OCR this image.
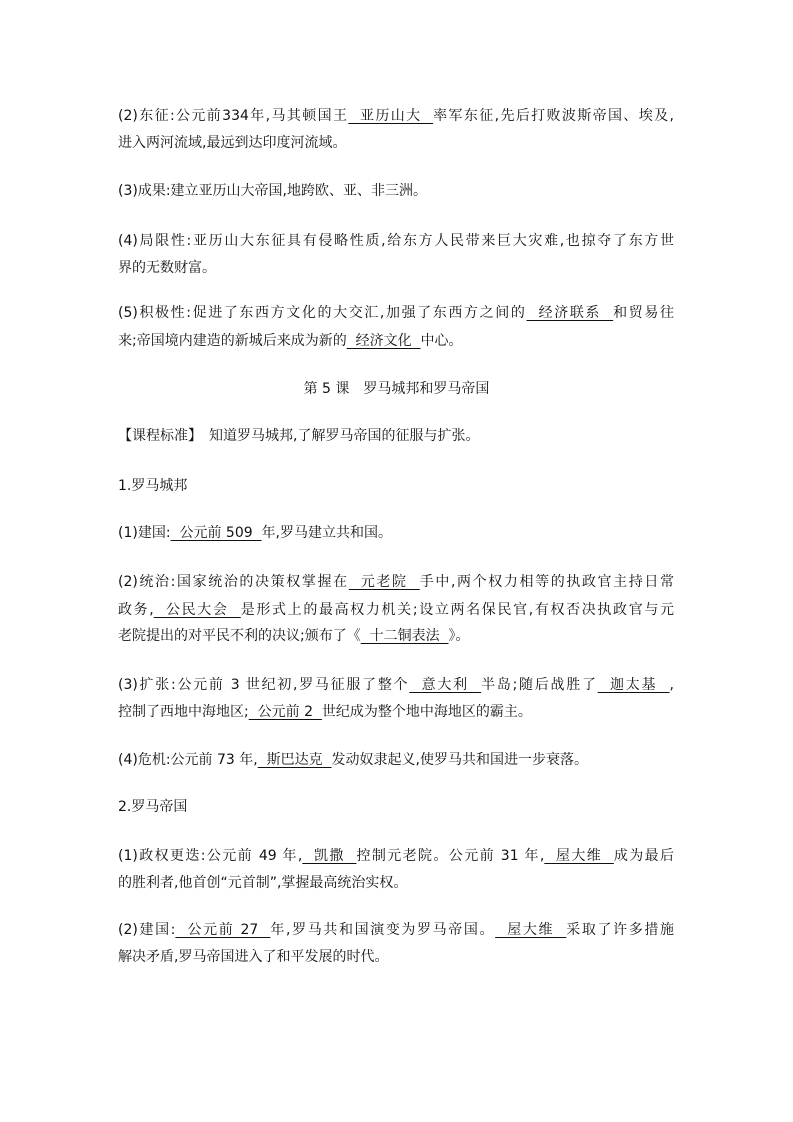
(2)东征:公元前334年,马其顿国王  亚历山大  率军东征,先后打败波斯帝国、埃及,
进入两河流域,最远到达印度河流域。
(3)成果:建立亚历山大帝国,地跨欧、亚、非三洲。
(4)局限性:亚历山大东征具有侵略性质,给东方人民带来巨大灾难,也掠夺了东方世
界的无数财富。
(5)积极性:促进了东西方文化的大交汇,加强了东西方之间的  经济联系  和贸易往
来;帝国境内建造的新城后来成为新的  经济文化  中心。
第 5 课　罗马城邦和罗马帝国
【课程标准】　知道罗马城邦,了解罗马帝国的征服与扩张。
1.罗马城邦
(1)建国:  公元前 509  年,罗马建立共和国。
(2)统治:国家统治的决策权掌握在  元老院  手中,两个权力相等的执政官主持日常
政务,  公民大会  是形式上的最高权力机关;设立两名保民官,有权否决执政官与元
老院提出的对平民不利的决议;颁布了《  十二铜表法  》。
(3)扩张:公元前 3 世纪初,罗马征服了整个  意大利  半岛;随后战胜了  迦太基  ,
控制了西地中海地区;  公元前 2  世纪成为整个地中海地区的霸主。
(4)危机:公元前 73 年,  斯巴达克  发动奴隶起义,使罗马共和国进一步衰落。
2.罗马帝国
(1)政权更迭:公元前 49 年,  凯撒  控制元老院。公元前 31 年,  屋大维  成为最后
的胜利者,他首创“元首制”,掌握最高统治实权。
(2)建国:  公元前 27  年,罗马共和国演变为罗马帝国。  屋大维  采取了许多措施
解决矛盾,罗马帝国进入了和平发展的时代。
